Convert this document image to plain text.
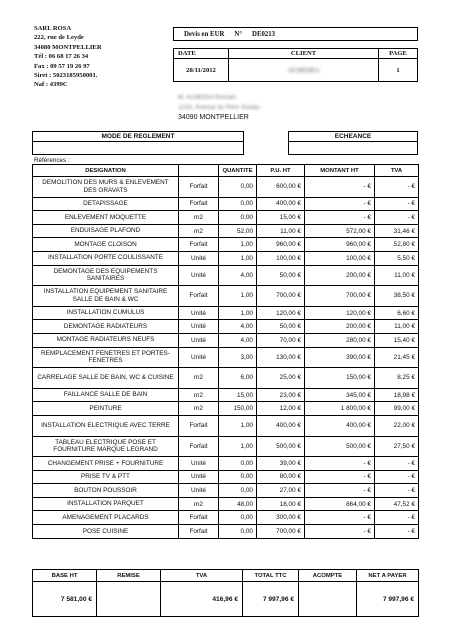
SARL ROSA
222, rue de Leyde
34080 MONTPELLIER
Tél : 06 68 17 26 34
Fax : 09 57 19 26 97
Siret : 5023185950001.
Naf : 4399C
Devis en EUR N° DE0213
DATE	CLIENT	PAGE
28/11/2012	ALMEIDA	1
M. ALMEIDA Romain
1218, Avenue du Père Soulas
34090 MONTPELLIER
MODE DE REGLEMENT	ECHEANCE
Références :
DESIGNATION		QUANTITE	P.U. HT	MONTANT HT	TVA
DEMOLITION DES MURS & ENLEVEMENT DES GRAVATS	Forfait	0,00	600,00 €	- €	- €
DETAPISSAGE	Forfait	0,00	400,00 €	- €	- €
ENLEVEMENT MOQUETTE	m2	0,00	15,00 €	- €	- €
ENDUISAGE PLAFOND	m2	52,00	11,00 €	572,00 €	31,46 €
MONTAGE CLOISON	Forfait	1,00	960,00 €	960,00 €	52,80 €
INSTALLATION PORTE COULISSANTE	Unité	1,00	100,00 €	100,00 €	5,50 €
DEMONTAGE DES EQUIPEMENTS SANITAIRES	Unité	4,00	50,00 €	200,00 €	11,00 €
INSTALLATION EQUIPEMENT SANITAIRE SALLE DE BAIN & WC	Forfait	1,00	700,00 €	700,00 €	38,50 €
INSTALLATION CUMULUS	Unité	1,00	120,00 €	120,00 €	6,60 €
DEMONTAGE RADIATEURS	Unité	4,00	50,00 €	200,00 €	11,00 €
MONTAGE RADIATEURS NEUFS	Unité	4,00	70,00 €	280,00 €	15,40 €
REMPLACEMENT FENETRES ET PORTES-FENETRES	Unité	3,00	130,00 €	390,00 €	21,45 €
CARRELAGE SALLE DE BAIN, WC & CUISINE	m2	6,00	25,00 €	150,00 €	8,25 €
FAILLANCE SALLE DE BAIN	m2	15,00	23,00 €	345,00 €	18,98 €
PEINTURE	m2	150,00	12,00 €	1 800,00 €	99,00 €
INSTALLATION ELECTRIQUE AVEC TERRE	Forfait	1,00	400,00 €	400,00 €	22,00 €
TABLEAU ELECTRIQUE POSE ET FOURNITURE MARQUE LEGRAND	Forfait	1,00	500,00 €	500,00 €	27,50 €
CHANGEMENT PRISE + FOURNITURE	Unité	0,00	39,00 €	- €	- €
PRISE TV & PTT	Unité	0,00	80,00 €	- €	- €
BOUTON POUSSOIR	Unité	0,00	27,00 €	- €	- €
INSTALLATION PARQUET	m2	48,00	18,00 €	864,00 €	47,52 €
AMENAGEMENT PLACARDS	Forfait	0,00	300,00 €	- €	- €
POSE CUISINE	Forfait	0,00	700,00 €	- €	- €
BASE HT	REMISE	TVA	TOTAL TTC	ACOMPTE	NET A PAYER
7 581,00 €		416,96 €	7 997,96 €		7 997,96 €
